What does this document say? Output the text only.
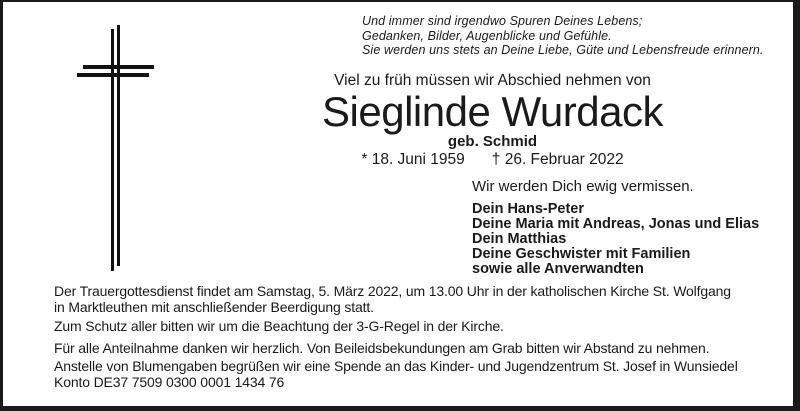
Und immer sind irgendwo Spuren Deines Lebens;
Gedanken, Bilder, Augenblicke und Gefühle.
Sie werden uns stets an Deine Liebe, Güte und Lebensfreude erinnern.
Viel zu früh müssen wir Abschied nehmen von
Sieglinde Wurdack
geb. Schmid
* 18. Juni 1959 † 26. Februar 2022
Wir werden Dich ewig vermissen.
Dein Hans-Peter
Deine Maria mit Andreas, Jonas und Elias
Dein Matthias
Deine Geschwister mit Familien
sowie alle Anverwandten
Der Trauergottesdienst findet am Samstag, 5. März 2022, um 13.00 Uhr in der katholischen Kirche St. Wolfgang
in Marktleuthen mit anschließender Beerdigung statt.
Zum Schutz aller bitten wir um die Beachtung der 3-G-Regel in der Kirche.
Für alle Anteilnahme danken wir herzlich. Von Beileidsbekundungen am Grab bitten wir Abstand zu nehmen.
Anstelle von Blumengaben begrüßen wir eine Spende an das Kinder- und Jugendzentrum St. Josef in Wunsiedel
Konto DE37 7509 0300 0001 1434 76
